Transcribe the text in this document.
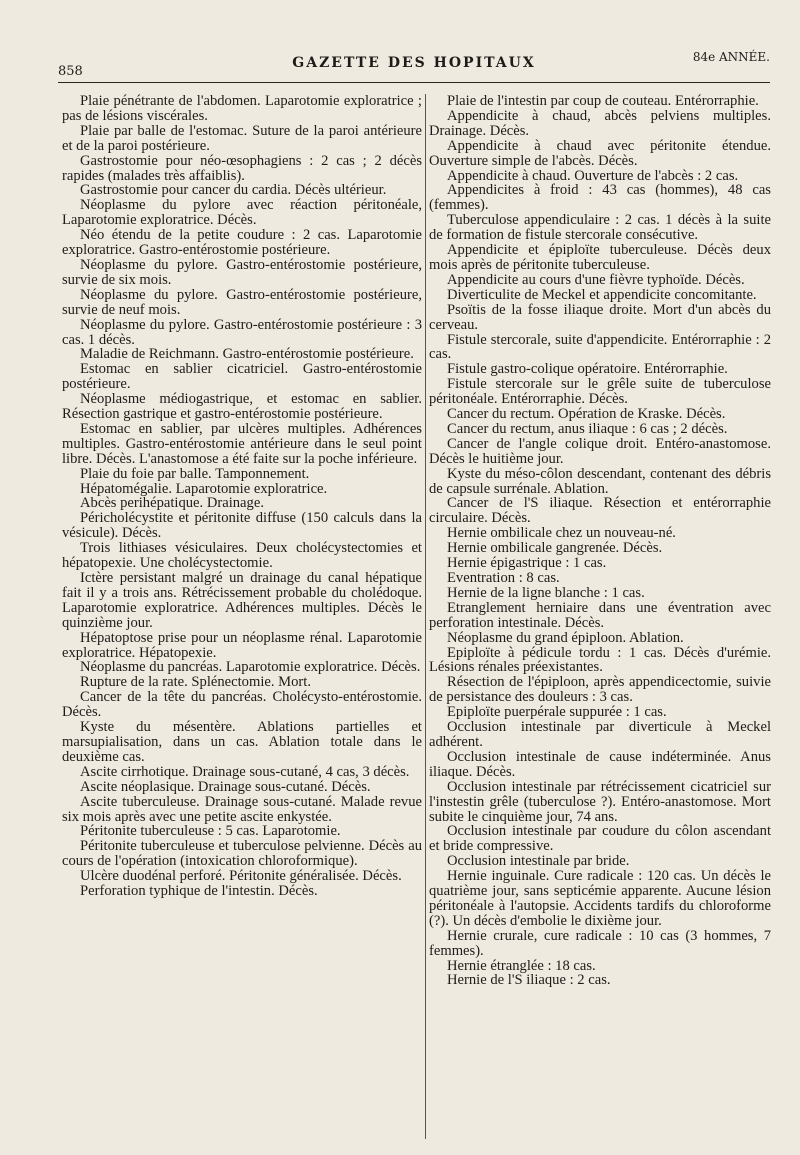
858
GAZETTE DES HOPITAUX	84e ANNÉE.

Plaie pénétrante de l'abdomen. Laparotomie exploratrice ; pas de lésions viscérales.

Plaie par balle de l'estomac. Suture de la paroi antérieure et de la paroi postérieure.

Gastrostomie pour néo-œsophagiens : 2 cas ; 2 décès rapides (malades très affaiblis).

Gastrostomie pour cancer du cardia. Décès ultérieur.

Néoplasme du pylore avec réaction péritonéale, Laparotomie exploratrice. Décès.

Néo étendu de la petite coudure : 2 cas. Laparotomie exploratrice. Gastro-entérostomie postérieure.

Néoplasme du pylore. Gastro-entérostomie postérieure, survie de six mois.

Néoplasme du pylore. Gastro-entérostomie postérieure, survie de neuf mois.

Néoplasme du pylore. Gastro-entérostomie postérieure : 3 cas. 1 décès.

Maladie de Reichmann. Gastro-entérostomie postérieure.

Estomac en sablier cicatriciel. Gastro-entérostomie postérieure.

Néoplasme médiogastrique, et estomac en sablier. Résection gastrique et gastro-entérostomie postérieure.

Estomac en sablier, par ulcères multiples. Adhérences multiples. Gastro-entérostomie antérieure dans le seul point libre. Décès. L'anastomose a été faite sur la poche inférieure.

Plaie du foie par balle. Tamponnement.

Hépatomégalie. Laparotomie exploratrice.

Abcès perihépatique. Drainage.

Péricholécystite et péritonite diffuse (150 calculs dans la vésicule). Décès.

Trois lithiases vésiculaires. Deux cholécystectomies et hépatopexie. Une cholécystectomie.

Ictère persistant malgré un drainage du canal hépatique fait il y a trois ans. Rétrécissement probable du cholédoque. Laparotomie exploratrice. Adhérences multiples. Décès le quinzième jour.

Hépatoptose prise pour un néoplasme rénal. Laparotomie exploratrice. Hépatopexie.

Néoplasme du pancréas. Laparotomie exploratrice. Décès.

Rupture de la rate. Splénectomie. Mort.

Cancer de la tête du pancréas. Cholécysto-entérostomie. Décès.

Kyste du mésentère. Ablations partielles et marsupialisation, dans un cas. Ablation totale dans le deuxième cas.

Ascite cirrhotique. Drainage sous-cutané, 4 cas, 3 décès.

Ascite néoplasique. Drainage sous-cutané. Décès.

Ascite tuberculeuse. Drainage sous-cutané. Malade revue six mois après avec une petite ascite enkystée.

Péritonite tuberculeuse : 5 cas. Laparotomie.

Péritonite tuberculeuse et tuberculose pelvienne. Décès au cours de l'opération (intoxication chloroformique).

Ulcère duodénal perforé. Péritonite généralisée. Décès.

Perforation typhique de l'intestin. Décès.

Plaie de l'intestin par coup de couteau. Entérorraphie.

Appendicite à chaud, abcès pelviens multiples. Drainage. Décès.

Appendicite à chaud avec péritonite étendue. Ouverture simple de l'abcès. Décès.

Appendicite à chaud. Ouverture de l'abcès : 2 cas.

Appendicites à froid : 43 cas (hommes), 48 cas (femmes).

Tuberculose appendiculaire : 2 cas. 1 décès à la suite de formation de fistule stercorale consécutive.

Appendicite et épiploïte tuberculeuse. Décès deux mois après de péritonite tuberculeuse.

Appendicite au cours d'une fièvre typhoïde. Décès.

Diverticulite de Meckel et appendicite concomitante.

Psoïtis de la fosse iliaque droite. Mort d'un abcès du cerveau.

Fistule stercorale, suite d'appendicite. Entérorraphie : 2 cas.

Fistule gastro-colique opératoire. Entérorraphie.

Fistule stercorale sur le grêle suite de tuberculose péritonéale. Entérorraphie. Décès.

Cancer du rectum. Opération de Kraske. Décès.

Cancer du rectum, anus iliaque : 6 cas ; 2 décès.

Cancer de l'angle colique droit. Entéro-anastomose. Décès le huitième jour.

Kyste du méso-côlon descendant, contenant des débris de capsule surrénale. Ablation.

Cancer de l'S iliaque. Résection et entérorraphie circulaire. Décès.

Hernie ombilicale chez un nouveau-né.

Hernie ombilicale gangrenée. Décès.

Hernie épigastrique : 1 cas.

Eventration : 8 cas.

Hernie de la ligne blanche : 1 cas.

Etranglement herniaire dans une éventration avec perforation intestinale. Décès.

Néoplasme du grand épiploon. Ablation.

Epiploïte à pédicule tordu : 1 cas. Décès d'urémie. Lésions rénales préexistantes.

Résection de l'épiploon, après appendicectomie, suivie de persistance des douleurs : 3 cas.

Epiploïte puerpérale suppurée : 1 cas.

Occlusion intestinale par diverticule à Meckel adhérent.

Occlusion intestinale de cause indéterminée. Anus iliaque. Décès.

Occlusion intestinale par rétrécissement cicatriciel sur l'instestin grêle (tuberculose ?). Entéro-anastomose. Mort subite le cinquième jour, 74 ans.

Occlusion intestinale par coudure du côlon ascendant et bride compressive.

Occlusion intestinale par bride.

Hernie inguinale. Cure radicale : 120 cas. Un décès le quatrième jour, sans septicémie apparente. Aucune lésion péritonéale à l'autopsie. Accidents tardifs du chloroforme (?). Un décès d'embolie le dixième jour.

Hernie crurale, cure radicale : 10 cas (3 hommes, 7 femmes).

Hernie étranglée : 18 cas.

Hernie de l'S iliaque : 2 cas.
